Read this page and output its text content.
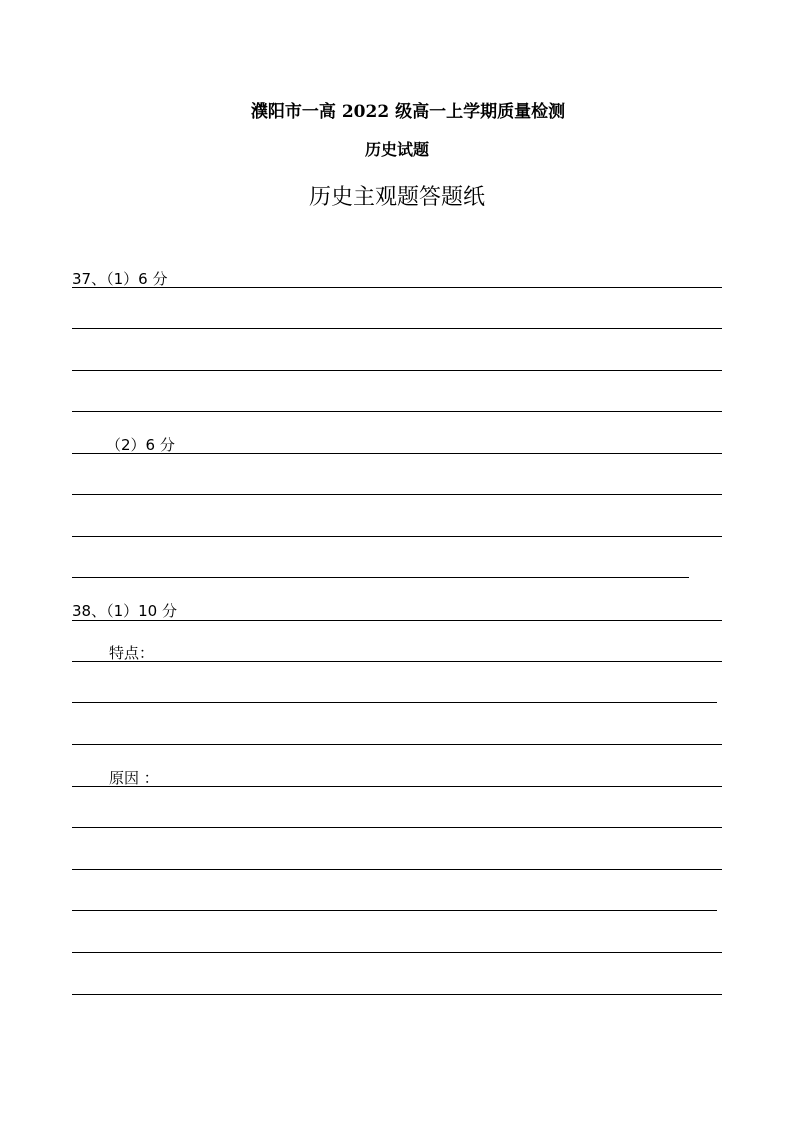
濮阳市一高 2022 级高一上学期质量检测
历史试题
历史主观题答题纸
37、（1）6 分
（2）6 分
38、（1）10 分
特点：
原因 ：
